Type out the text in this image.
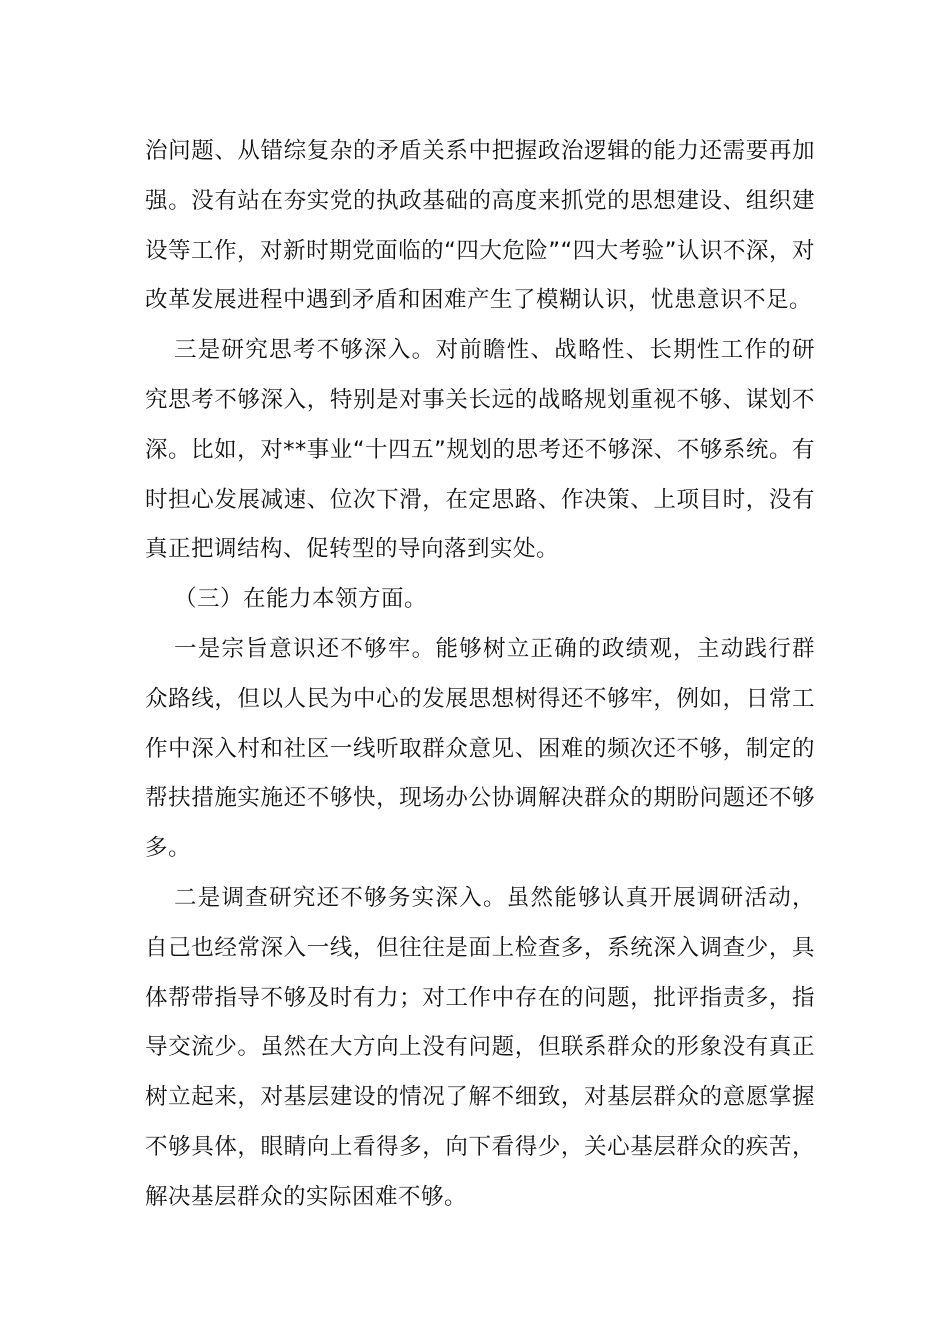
治问题、从错综复杂的矛盾关系中把握政治逻辑的能力还需要再加强。没有站在夯实党的执政基础的高度来抓党的思想建设、组织建设等工作，对新时期党面临的“四大危险”“四大考验”认识不深，对改革发展进程中遇到矛盾和困难产生了模糊认识，忧患意识不足。

三是研究思考不够深入。对前瞻性、战略性、长期性工作的研究思考不够深入，特别是对事关长远的战略规划重视不够、谋划不深。比如，对**事业“十四五”规划的思考还不够深、不够系统。有时担心发展减速、位次下滑，在定思路、作决策、上项目时，没有真正把调结构、促转型的导向落到实处。

（三）在能力本领方面。

一是宗旨意识还不够牢。能够树立正确的政绩观，主动践行群众路线，但以人民为中心的发展思想树得还不够牢，例如，日常工作中深入村和社区一线听取群众意见、困难的频次还不够，制定的帮扶措施实施还不够快，现场办公协调解决群众的期盼问题还不够多。

二是调查研究还不够务实深入。虽然能够认真开展调研活动，自己也经常深入一线，但往往是面上检查多，系统深入调查少，具体帮带指导不够及时有力；对工作中存在的问题，批评指责多，指导交流少。虽然在大方向上没有问题，但联系群众的形象没有真正树立起来，对基层建设的情况了解不细致，对基层群众的意愿掌握不够具体，眼睛向上看得多，向下看得少，关心基层群众的疾苦，解决基层群众的实际困难不够。
